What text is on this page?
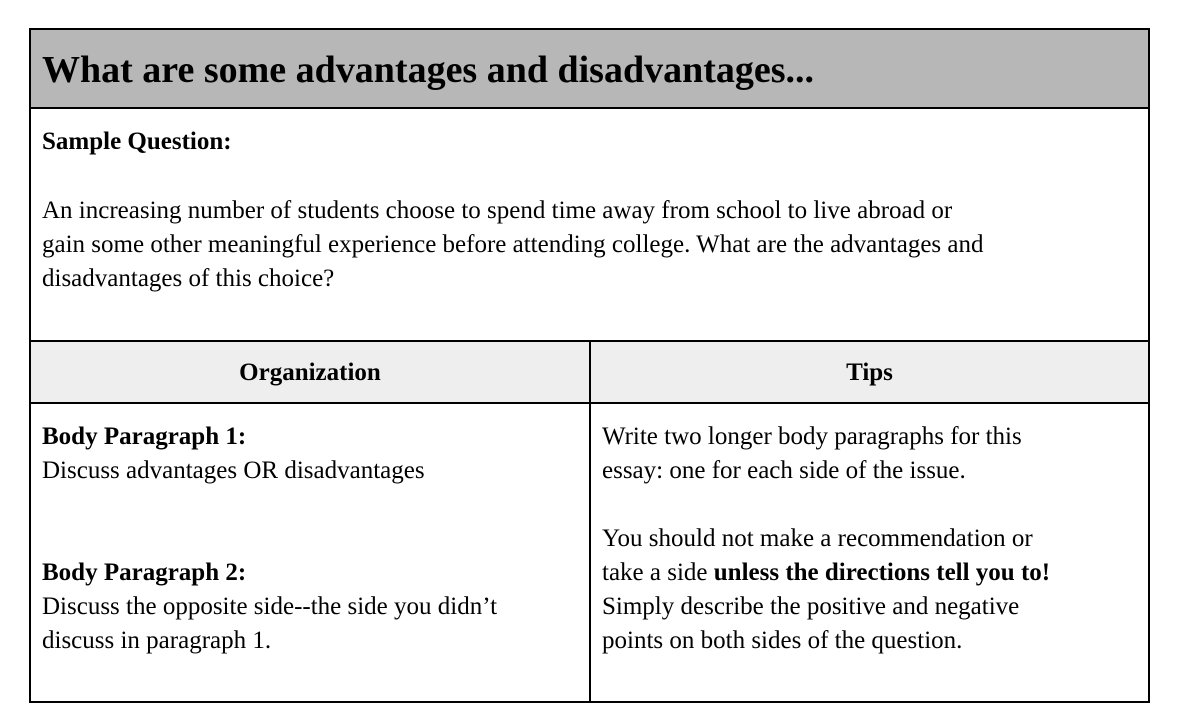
What are some advantages and disadvantages...
Sample Question:
An increasing number of students choose to spend time away from school to live abroad or
gain some other meaningful experience before attending college. What are the advantages and
disadvantages of this choice?
Organization	Tips
Body Paragraph 1:
Discuss advantages OR disadvantages
Body Paragraph 2:
Discuss the opposite side--the side you didn’t
discuss in paragraph 1.
Write two longer body paragraphs for this
essay: one for each side of the issue.
You should not make a recommendation or
take a side unless the directions tell you to!
Simply describe the positive and negative
points on both sides of the question.
